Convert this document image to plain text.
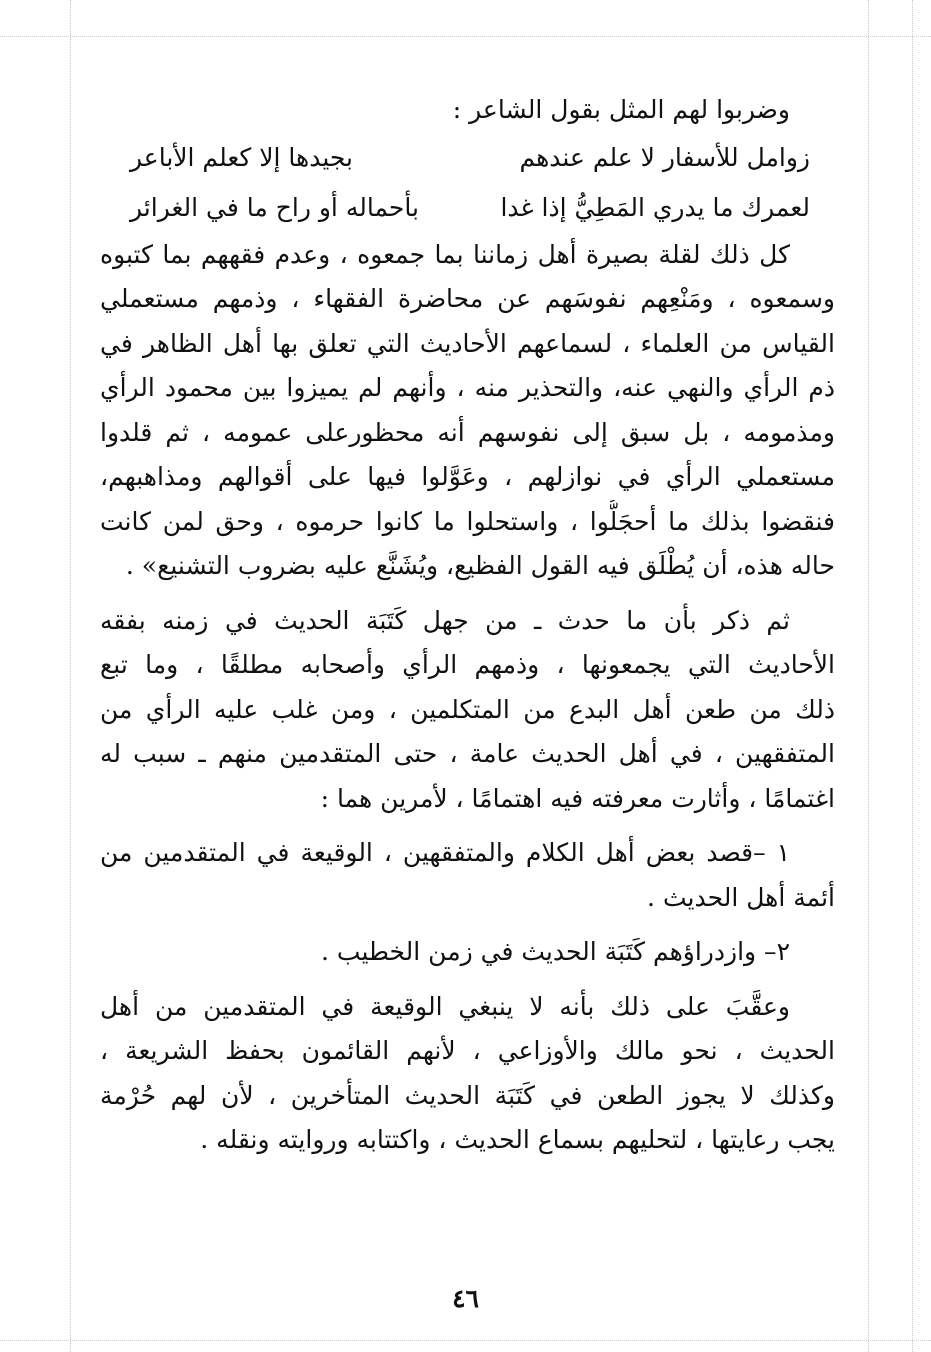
وضربوا لهم المثل بقول الشاعر :
زوامل للأسفار لا علم عندهم
بجيدها إلا كعلم الأباعر
لعمرك ما يدري المَطِيُّ إذا غدا
بأحماله أو راح ما في الغرائر
كل ذلك لقلة بصيرة أهل زماننا بما جمعوه ، وعدم فقههم بما كتبوه
وسمعوه ، ومَنْعِهم نفوسَهم عن محاضرة الفقهاء ، وذمهم مستعملي
القياس من العلماء ، لسماعهم الأحاديث التي تعلق بها أهل الظاهر في
ذم الرأي والنهي عنه، والتحذير منه ، وأنهم لم يميزوا بين محمود الرأي
ومذمومه ، بل سبق إلى نفوسهم أنه محظورعلى عمومه ، ثم قلدوا
مستعملي الرأي في نوازلهم ، وعَوَّلوا فيها على أقوالهم ومذاهبهم،
فنقضوا بذلك ما أحجَلُّوا ، واستحلوا ما كانوا حرموه ، وحق لمن كانت
حاله هذه، أن يُطْلَق فيه القول الفظيع، ويُشَنَّع عليه بضروب التشنيع» .
ثم ذكر بأن ما حدث ـ من جهل كَتَبَة الحديث في زمنه بفقه
الأحاديث التي يجمعونها ، وذمهم الرأي وأصحابه مطلقًا ، وما تبع
ذلك من طعن أهل البدع من المتكلمين ، ومن غلب عليه الرأي من
المتفقهين ، في أهل الحديث عامة ، حتى المتقدمين منهم ـ سبب له
اغتمامًا ، وأثارت معرفته فيه اهتمامًا ، لأمرين هما :
١ –قصد بعض أهل الكلام والمتفقهين ، الوقيعة في المتقدمين من
أئمة أهل الحديث .
٢– وازدراؤهم كَتَبَة الحديث في زمن الخطيب .
وعقَّبَ على ذلك بأنه لا ينبغي الوقيعة في المتقدمين من أهل
الحديث ، نحو مالك والأوزاعي ، لأنهم القائمون بحفظ الشريعة ،
وكذلك لا يجوز الطعن في كَتَبَة الحديث المتأخرين ، لأن لهم حُرْمة
يجب رعايتها ، لتحليهم بسماع الحديث ، واكتتابه وروايته ونقله .
٤٦
